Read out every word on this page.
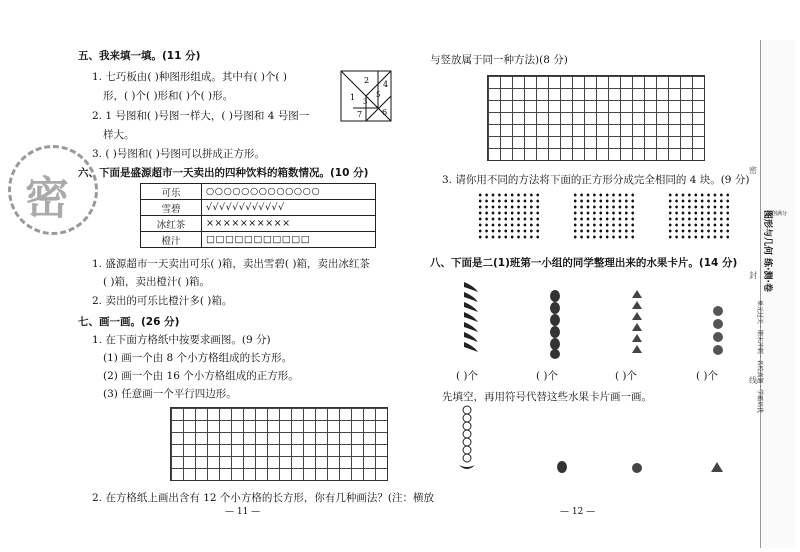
五、我来填一填。(11 分)
1. 七巧板由( )种图形组成。其中有( )个( )
形，( )个( )形和( )个( )形。
2. 1 号图和( )号图一样大，( )号图和 4 号图一
样大。
3. ( )号图和( )号图可以拼成正方形。
1
2
3
4
5
6
7
六、下面是盛源超市一天卖出的四种饮料的箱数情况。(10 分)
可乐	○○○○○○○○○○○○○
雪碧	√√√√√√√√√√√√
冰红茶	××××××××××
橙汁	□□□□□□□□□□□
1. 盛源超市一天卖出可乐( )箱，卖出雪碧( )箱，卖出冰红茶
( )箱，卖出橙汁( )箱。
2. 卖出的可乐比橙汁多( )箱。
七、画一画。(26 分)
1. 在下面方格纸中按要求画图。(9 分)
(1) 画一个由 8 个小方格组成的长方形。
(2) 画一个由 16 个小方格组成的正方形。
(3) 任意画一个平行四边形。
2. 在方格纸上画出含有 12 个小方格的长方形，你有几种画法？(注：横放
— 11 —
密
与竖放属于同一种方法)(8 分)
3. 请你用不同的方法将下面的正方形分成完全相同的 4 块。(9 分)
八、下面是二(1)班第一小组的同学整理出来的水果卡片。(14 分)
( )个	( )个	( )个	( )个
先填空，再用符号代替这些水果卡片画一画。
— 12 —
原创满分
图形与几何 练·测·卷
单元过关 · 期末冲刺 · 名校真题 · 学霸培优
密
封
线
